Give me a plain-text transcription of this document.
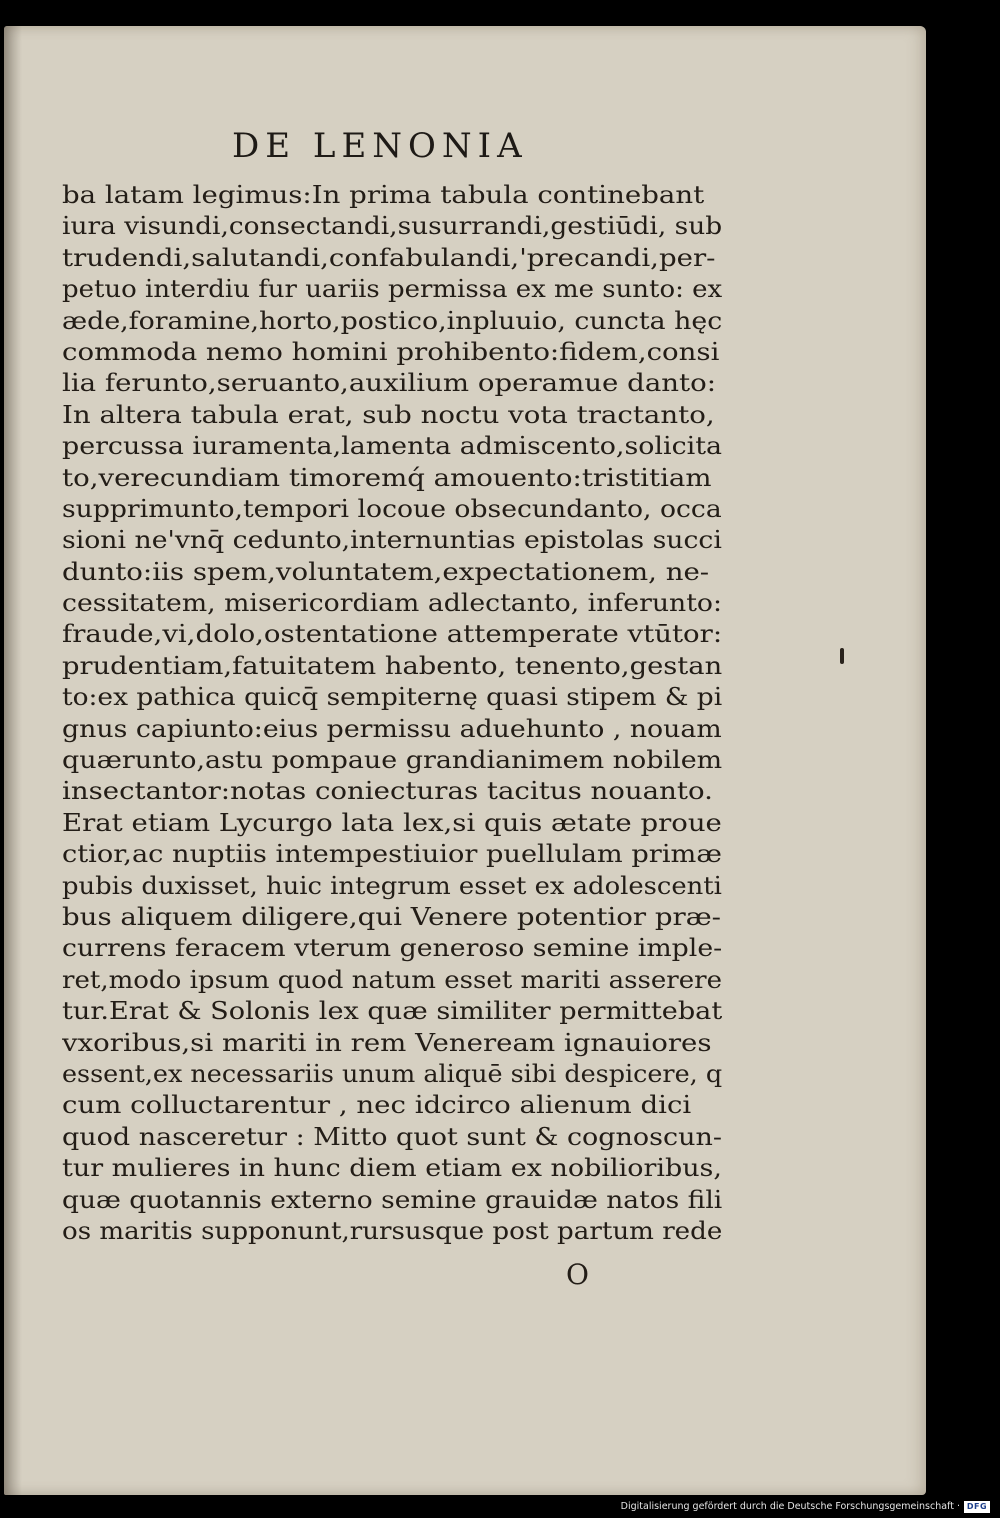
DE LENONIA
ba latam legimus:In prima tabula continebant
iura visundi,consectandi,susurrandi,gestiūdi, sub
trudendi,salutandi,confabulandi,'precandi,per-
petuo interdiu fur uariis permissa ex me sunto: ex
æde,foramine,horto,postico,inpluuio, cuncta hęc
commoda nemo homini prohibento:fidem,consi
lia ferunto,seruanto,auxilium operamue danto:
In altera tabula erat, sub noctu vota tractanto,
percussa iuramenta,lamenta admiscento,solicita
to,verecundiam timoremq́ amouento:tristitiam
supprimunto,tempori locoue obsecundanto, occa
sioni ne'vnq̄ cedunto,internuntias epistolas succi
dunto:iis spem,voluntatem,expectationem, ne-
cessitatem, misericordiam adlectanto, inferunto:
fraude,vi,dolo,ostentatione attemperate vtūtor:
prudentiam,fatuitatem habento, tenento,gestan
to:ex pathica quicq̄ sempiternę quasi stipem & pi
gnus capiunto:eius permissu aduehunto , nouam
quærunto,astu pompaue grandianimem nobilem
insectantor:notas coniecturas tacitus nouanto.
Erat etiam Lycurgo lata lex,si quis ætate proue
ctior,ac nuptiis intempestiuior puellulam primæ
pubis duxisset, huic integrum esset ex adolescenti
bus aliquem diligere,qui Venere potentior præ-
currens feracem vterum generoso semine imple-
ret,modo ipsum quod natum esset mariti asserere
tur.Erat & Solonis lex quæ similiter permittebat
vxoribus,si mariti in rem Veneream ignauiores
essent,ex necessariis unum aliquē sibi despicere, q
cum colluctarentur , nec idcirco alienum dici
quod nasceretur : Mitto quot sunt & cognoscun-
tur mulieres in hunc diem etiam ex nobilioribus,
quæ quotannis externo semine grauidæ natos fili
os maritis supponunt,rursusque post partum rede
O
Digitalisierung gefördert durch die Deutsche Forschungsgemeinschaft · DFG
